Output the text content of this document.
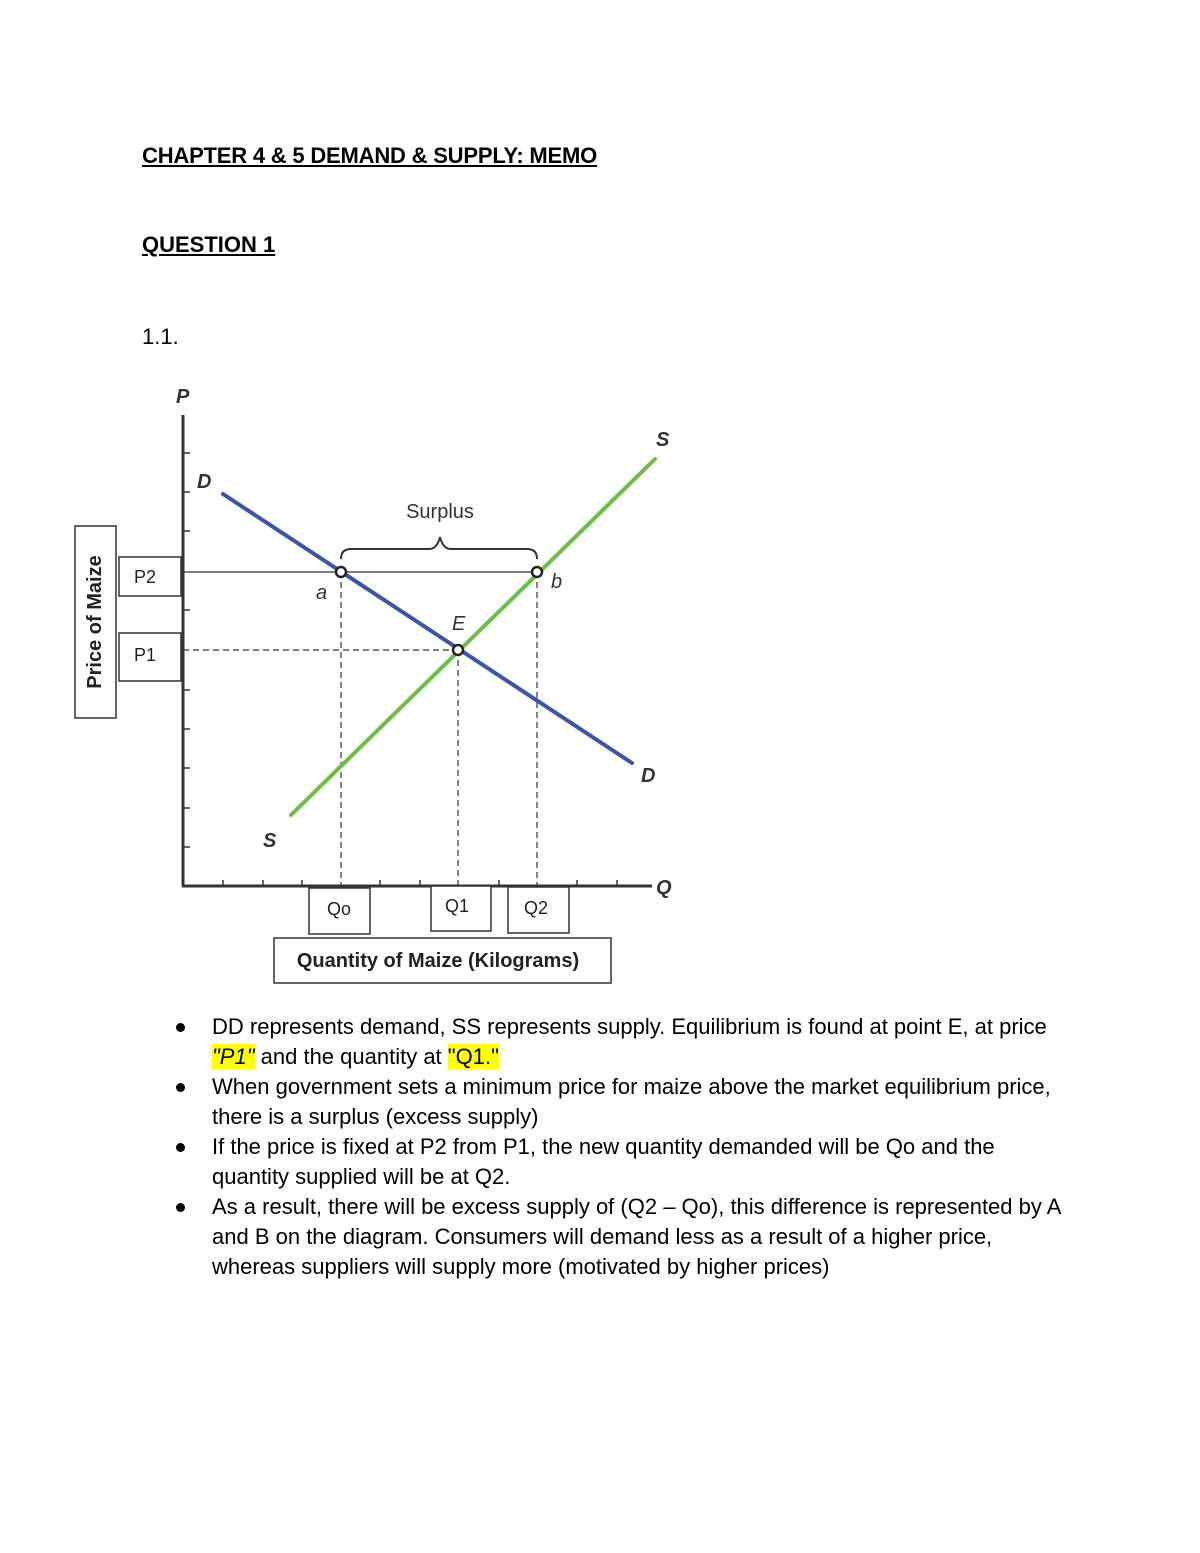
CHAPTER 4 & 5 DEMAND & SUPPLY: MEMO
QUESTION 1

1.1.

P
Q
D
D
S
S
Surplus
a	b
E
Price of Maize P2
P1
Qo	Q1	Q2
Quantity of Maize (Kilograms)
DD represents demand, SS represents supply. Equilibrium is found at point E, at price "P1" and the quantity at "Q1."
When government sets a minimum price for maize above the market equilibrium price, there is a surplus (excess supply)
If the price is fixed at P2 from P1, the new quantity demanded will be Qo and the quantity supplied will be at Q2.
As a result, there will be excess supply of (Q2 – Qo), this difference is represented by A and B on the diagram. Consumers will demand less as a result of a higher price, whereas suppliers will supply more (motivated by higher prices)
